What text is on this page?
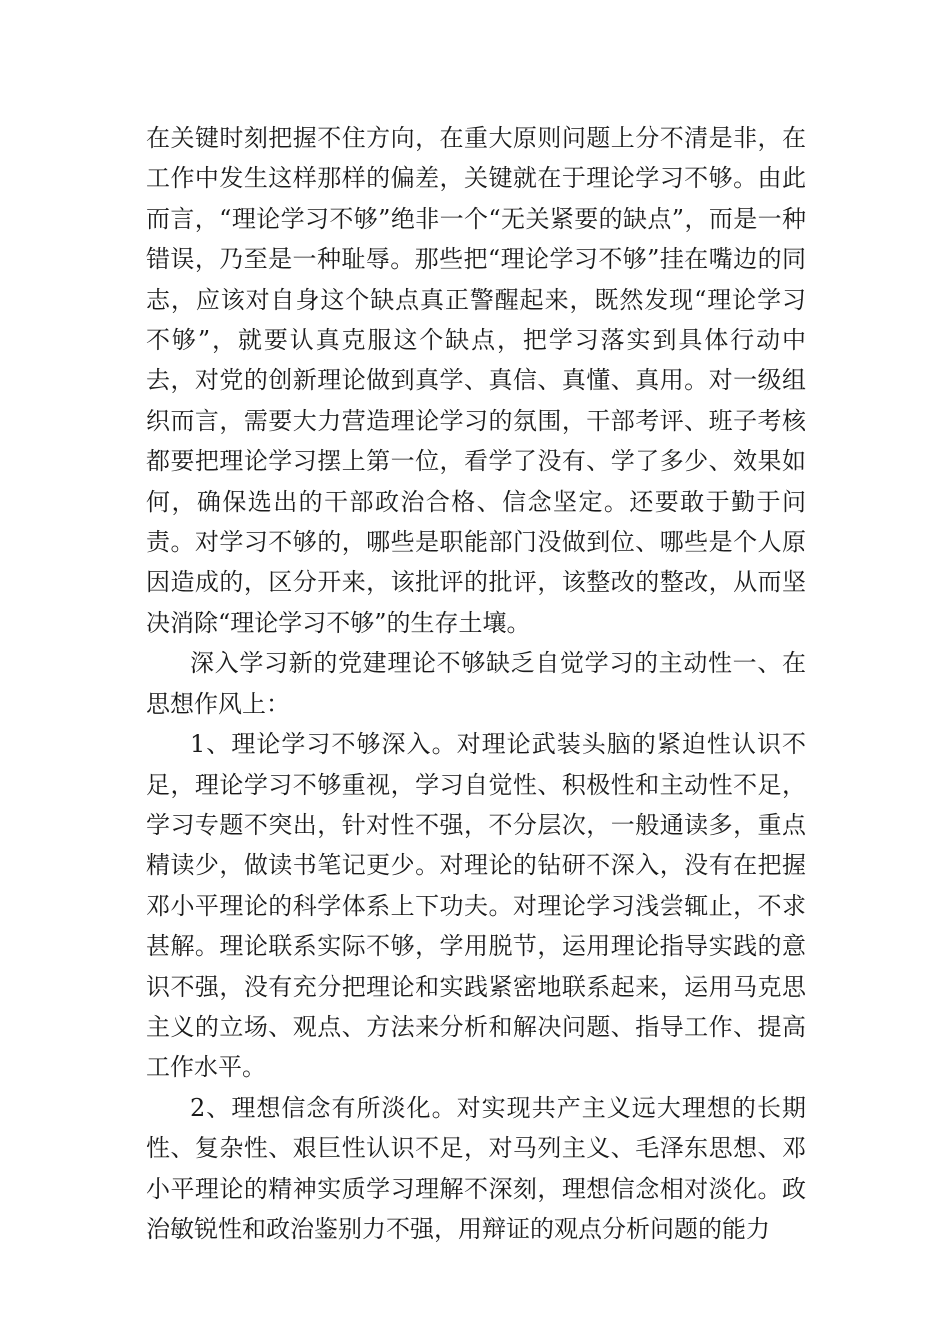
在关键时刻把握不住方向，在重大原则问题上分不清是非，在工作中发生这样那样的偏差，关键就在于理论学习不够。由此而言，“理论学习不够”绝非一个“无关紧要的缺点”，而是一种错误，乃至是一种耻辱。那些把“理论学习不够”挂在嘴边的同志，应该对自身这个缺点真正警醒起来，既然发现“理论学习不够”，就要认真克服这个缺点，把学习落实到具体行动中去，对党的创新理论做到真学、真信、真懂、真用。对一级组织而言，需要大力营造理论学习的氛围，干部考评、班子考核都要把理论学习摆上第一位，看学了没有、学了多少、效果如何，确保选出的干部政治合格、信念坚定。还要敢于勤于问责。对学习不够的，哪些是职能部门没做到位、哪些是个人原因造成的，区分开来，该批评的批评，该整改的整改，从而坚决消除“理论学习不够”的生存土壤。

深入学习新的党建理论不够缺乏自觉学习的主动性一、在思想作风上：

1、理论学习不够深入。对理论武装头脑的紧迫性认识不足，理论学习不够重视，学习自觉性、积极性和主动性不足，学习专题不突出，针对性不强，不分层次，一般通读多，重点精读少，做读书笔记更少。对理论的钻研不深入，没有在把握邓小平理论的科学体系上下功夫。对理论学习浅尝辄止，不求甚解。理论联系实际不够，学用脱节，运用理论指导实践的意识不强，没有充分把理论和实践紧密地联系起来，运用马克思主义的立场、观点、方法来分析和解决问题、指导工作、提高工作水平。

2、理想信念有所淡化。对实现共产主义远大理想的长期性、复杂性、艰巨性认识不足，对马列主义、毛泽东思想、邓小平理论的精神实质学习理解不深刻，理想信念相对淡化。政治敏锐性和政治鉴别力不强，用辩证的观点分析问题的能力
